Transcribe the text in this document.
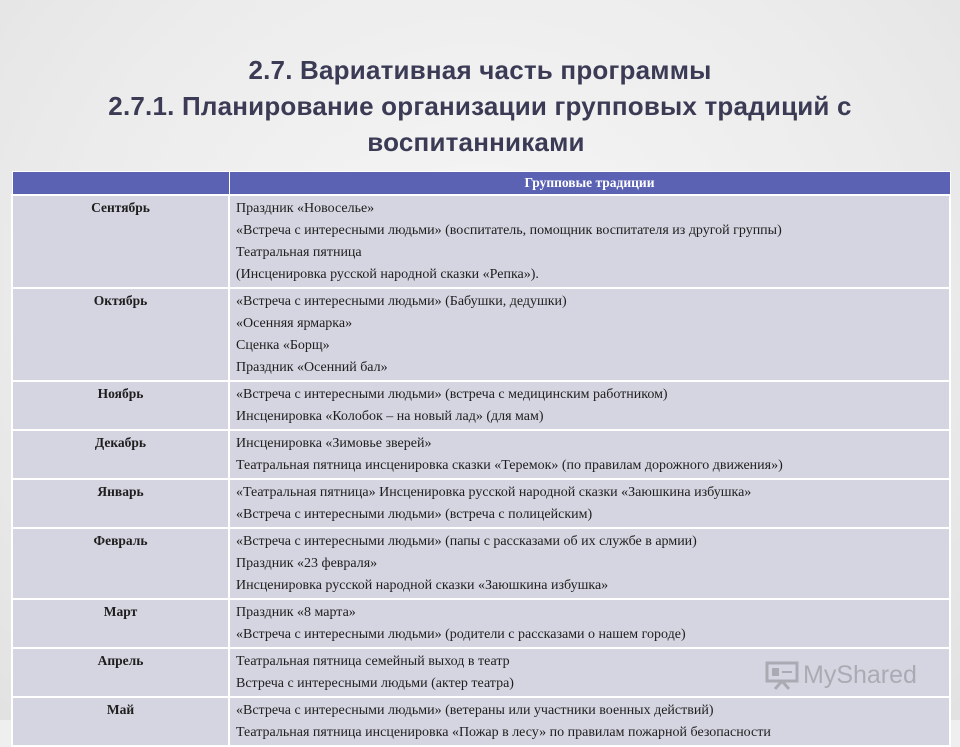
2.7. Вариативная часть программы
2.7.1. Планирование организации групповых традиций с
воспитанниками
	Групповые традиции
Сентябрь	Праздник «Новоселье»
«Встреча с интересными людьми» (воспитатель, помощник воспитателя из другой группы)
Театральная пятница
(Инсценировка русской народной сказки «Репка»).

Октябрь	«Встреча с интересными людьми» (Бабушки, дедушки)
«Осенняя ярмарка»
Сценка «Борщ»
Праздник «Осенний бал»

Ноябрь	«Встреча с интересными людьми» (встреча с медицинским работником)
Инсценировка «Колобок – на новый лад» (для мам)

Декабрь	Инсценировка «Зимовье зверей»
Театральная пятница инсценировка сказки «Теремок» (по правилам дорожного движения»)

Январь	«Театральная пятница» Инсценировка русской народной сказки «Заюшкина избушка»
«Встреча с интересными людьми» (встреча с полицейским)

Февраль	«Встреча с интересными людьми» (папы с рассказами об их службе в армии)
Праздник «23 февраля»
Инсценировка русской народной сказки «Заюшкина избушка»

Март	Праздник «8 марта»
«Встреча с интересными людьми» (родители с рассказами о нашем городе)

Апрель	Театральная пятница семейный выход в театр
Встреча с интересными людьми (актер театра)

Май	«Встреча с интересными людьми» (ветераны или участники военных действий)
Театральная пятница инсценировка «Пожар в лесу» по правилам пожарной безопасности
MyShared
